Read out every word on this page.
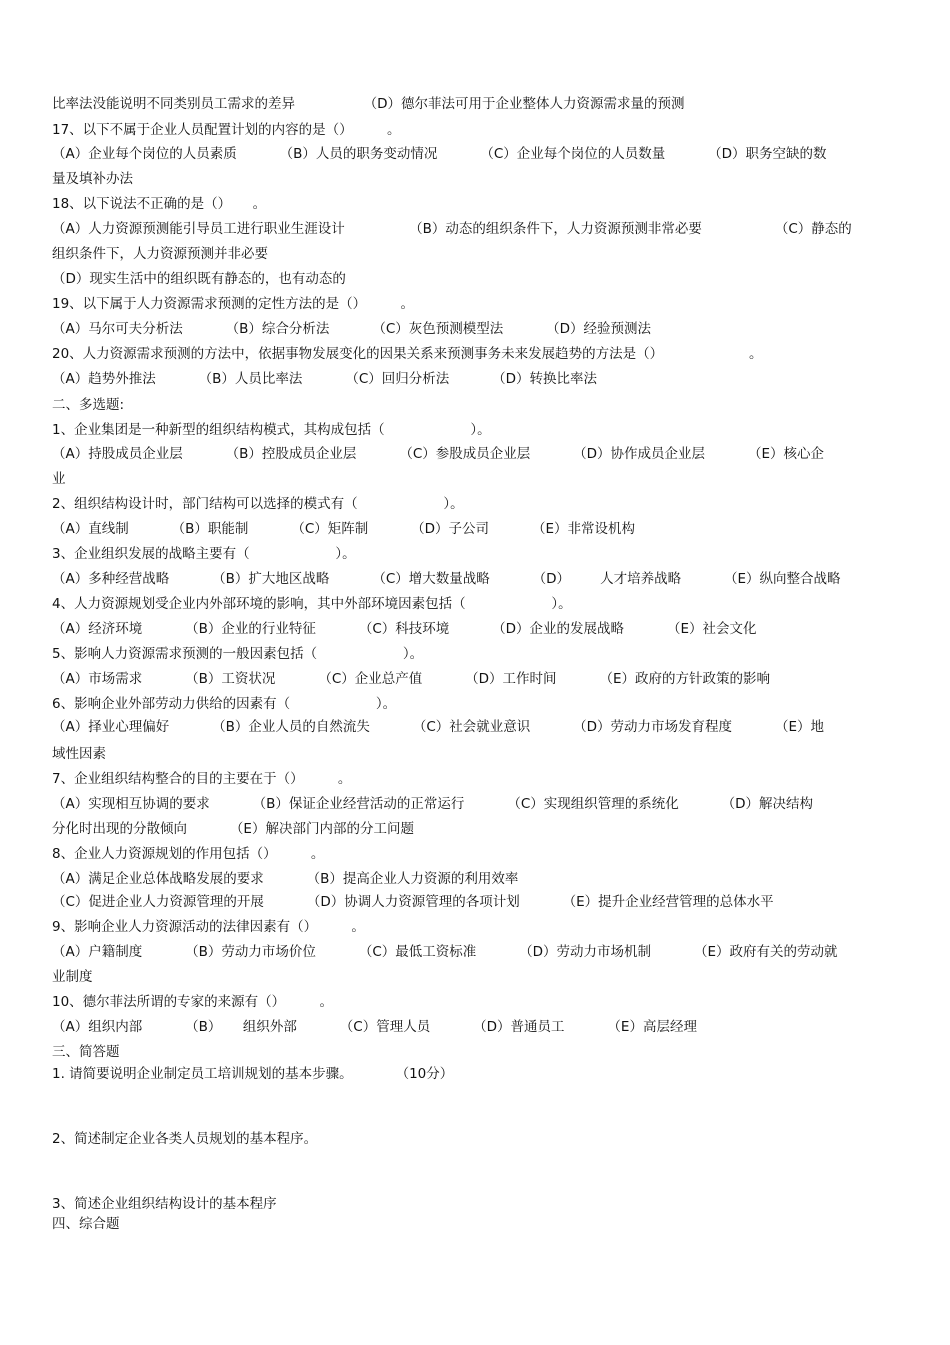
比率法没能说明不同类别员工需求的差异                （D）德尔菲法可用于企业整体人力资源需求量的预测
17、以下不属于企业人员配置计划的内容的是（）        。
（A）企业每个岗位的人员素质          （B）人员的职务变动情况          （C）企业每个岗位的人员数量          （D）职务空缺的数
量及填补办法
18、以下说法不正确的是（）     。
（A）人力资源预测能引导员工进行职业生涯设计               （B）动态的组织条件下，人力资源预测非常必要                 （C）静态的
组织条件下，人力资源预测并非必要
（D）现实生活中的组织既有静态的，也有动态的
19、以下属于人力资源需求预测的定性方法的是（）        。
（A）马尔可夫分析法          （B）综合分析法          （C）灰色预测模型法          （D）经验预测法
20、人力资源需求预测的方法中，依据事物发展变化的因果关系来预测事务未来发展趋势的方法是（）                    。
（A）趋势外推法          （B）人员比率法          （C）回归分析法          （D）转换比率法
二、多选题:
1、企业集团是一种新型的组织结构模式，其构成包括（                    ）。
（A）持股成员企业层          （B）控股成员企业层          （C）参股成员企业层          （D）协作成员企业层          （E）核心企
业
2、组织结构设计时，部门结构可以选择的模式有（                    ）。
（A）直线制          （B）职能制          （C）矩阵制          （D）子公司          （E）非常设机构
3、企业组织发展的战略主要有（                    ）。
（A）多种经营战略          （B）扩大地区战略          （C）增大数量战略          （D）       人才培养战略          （E）纵向整合战略
4、人力资源规划受企业内外部环境的影响，其中外部环境因素包括（                    ）。
（A）经济环境          （B）企业的行业特征          （C）科技环境          （D）企业的发展战略          （E）社会文化
5、影响人力资源需求预测的一般因素包括（                    ）。
（A）市场需求          （B）工资状况          （C）企业总产值          （D）工作时间          （E）政府的方针政策的影响
6、影响企业外部劳动力供给的因素有（                    ）。
（A）择业心理偏好          （B）企业人员的自然流失          （C）社会就业意识          （D）劳动力市场发育程度          （E）地
域性因素
7、企业组织结构整合的目的主要在于（）        。
（A）实现相互协调的要求          （B）保证企业经营活动的正常运行          （C）实现组织管理的系统化          （D）解决结构
分化时出现的分散倾向          （E）解决部门内部的分工问题
8、企业人力资源规划的作用包括（）        。
（A）满足企业总体战略发展的要求          （B）提高企业人力资源的利用效率
（C）促进企业人力资源管理的开展          （D）协调人力资源管理的各项计划          （E）提升企业经营管理的总体水平
9、影响企业人力资源活动的法律因素有（）        。
（A）户籍制度          （B）劳动力市场价位          （C）最低工资标准          （D）劳动力市场机制          （E）政府有关的劳动就
业制度
10、德尔菲法所谓的专家的来源有（）        。
（A）组织内部          （B）     组织外部          （C）管理人员          （D）普通员工          （E）高层经理
三、简答题
1. 请简要说明企业制定员工培训规划的基本步骤。          （10分）
2、简述制定企业各类人员规划的基本程序。
3、简述企业组织结构设计的基本程序
四、综合题
